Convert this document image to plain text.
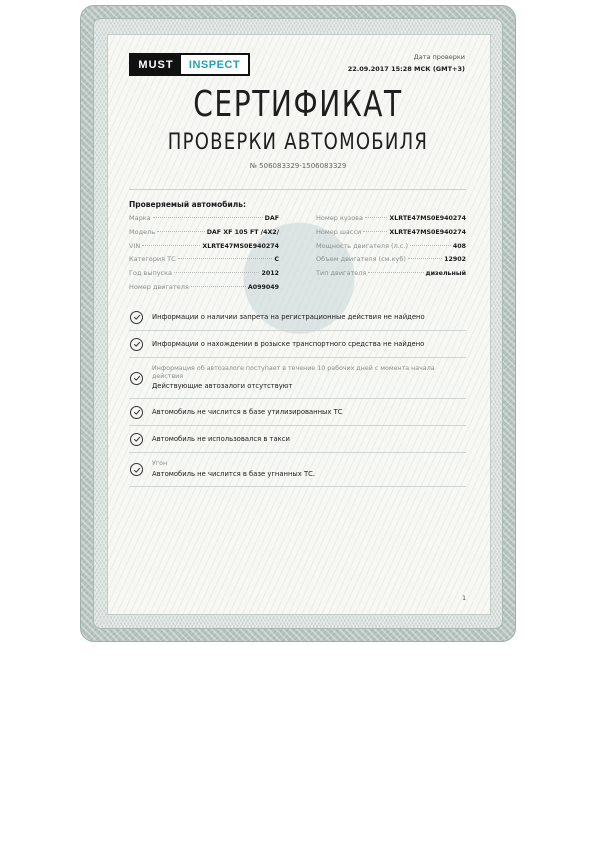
MUST	INSPECT
Дата проверки
22.09.2017 15:28 МСК (GMT+3)
СЕРТИФИКАТ
ПРОВЕРКИ АВТОМОБИЛЯ
№ 506083329-1506083329
Проверяемый автомобиль:
Марка	DAF
Модель	DAF XF 105 FT /4X2/
VIN	XLRTE47MS0E940274
Категория ТС	C
Год выпуска	2012
Номер двигателя	A099049
Номер кузова	XLRTE47MS0E940274
Номер шасси	XLRTE47MS0E940274
Мощность двигателя (л.с.)	408
Объем двигателя (см.куб)	12902
Тип двигателя	дизельный
Информации о наличии запрета на регистрационные действия не найдено
Информации о нахождении в розыске транспортного средства не найдено
Информация об автозалоге поступает в течение 10 рабочих дней с момента начала действия
Действующие автозалоги отсутствуют
Автомобиль не числится в базе утилизированных ТС
Автомобиль не использовался в такси
Угон
Автомобиль не числится в базе угнанных ТС.
1
